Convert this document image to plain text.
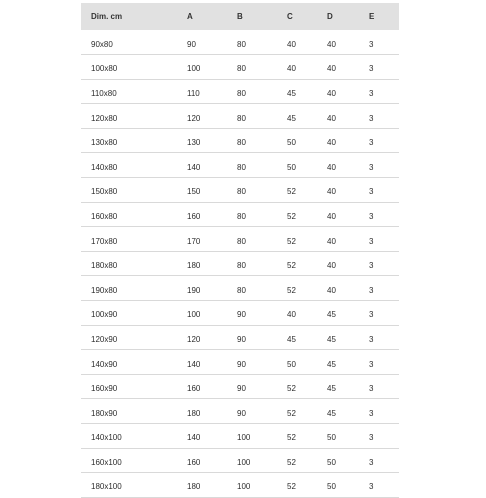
Dim. cm	A	B	C	D	E
90x80	90	80	40	40	3
100x80	100	80	40	40	3
110x80	110	80	45	40	3
120x80	120	80	45	40	3
130x80	130	80	50	40	3
140x80	140	80	50	40	3
150x80	150	80	52	40	3
160x80	160	80	52	40	3
170x80	170	80	52	40	3
180x80	180	80	52	40	3
190x80	190	80	52	40	3
100x90	100	90	40	45	3
120x90	120	90	45	45	3
140x90	140	90	50	45	3
160x90	160	90	52	45	3
180x90	180	90	52	45	3
140x100	140	100	52	50	3
160x100	160	100	52	50	3
180x100	180	100	52	50	3
